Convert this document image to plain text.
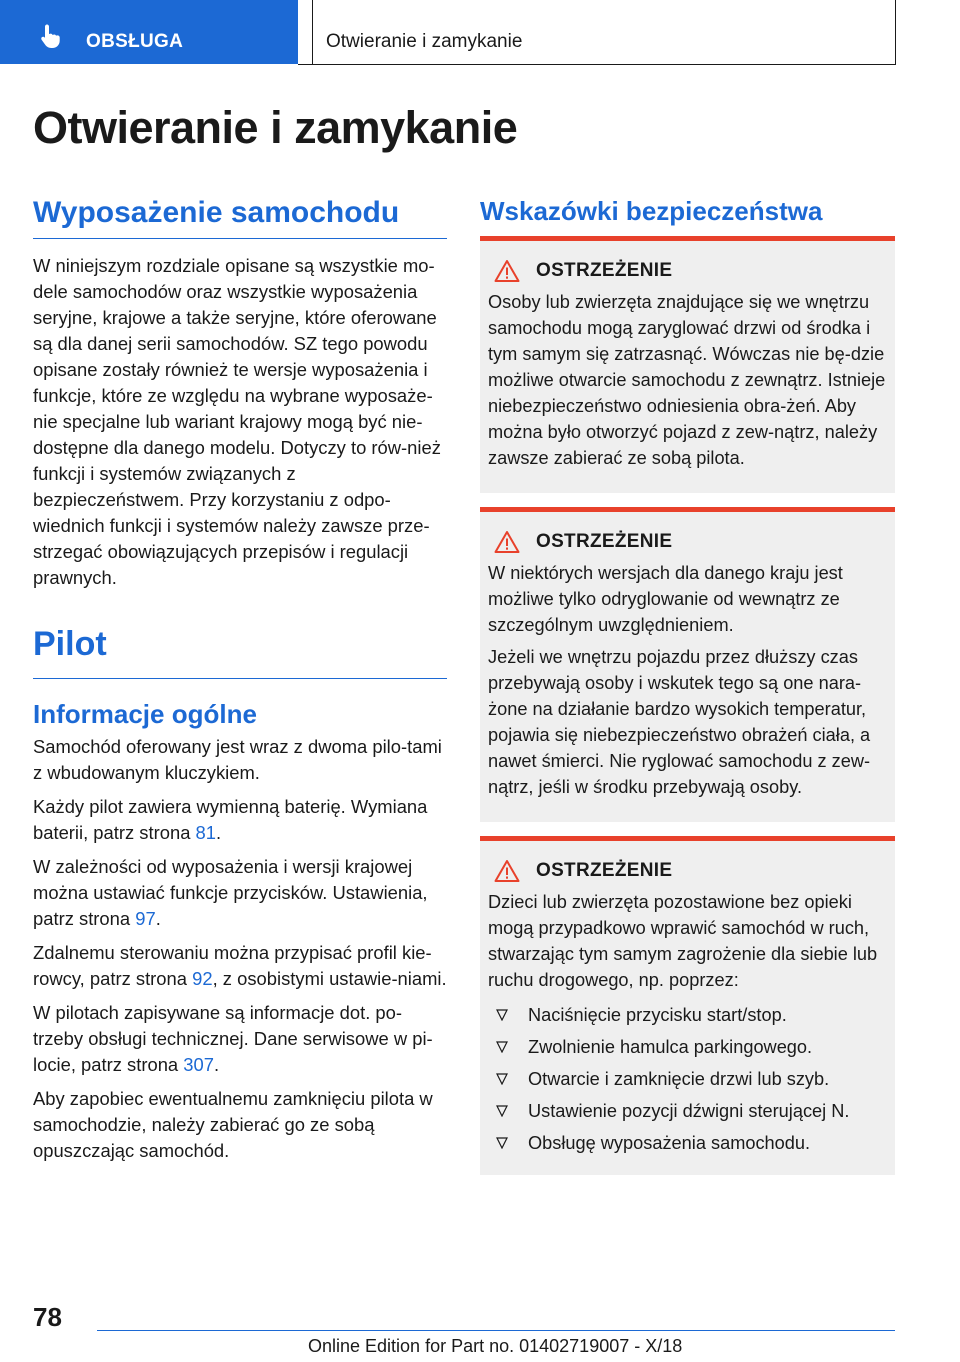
OBSŁUGA	Otwieranie i zamykanie
Otwieranie i zamykanie
Wyposażenie samochodu

W niniejszym rozdziale opisane są wszystkie mo-dele samochodów oraz wszystkie wyposażenia seryjne, krajowe a także seryjne, które oferowane są dla danej serii samochodów. SZ tego powodu opisane zostały również te wersje wyposażenia i funkcje, które ze względu na wybrane wyposaże-nie specjalne lub wariant krajowy mogą być nie-dostępne dla danego modelu. Dotyczy to rów-nież funkcji i systemów związanych z bezpieczeństwem. Przy korzystaniu z odpo-wiednich funkcji i systemów należy zawsze prze-strzegać obowiązujących przepisów i regulacji prawnych.

Pilot
Informacje ogólne

Samochód oferowany jest wraz z dwoma pilo-tami z wbudowanym kluczykiem.

Każdy pilot zawiera wymienną baterię. Wymiana baterii, patrz strona 81.

W zależności od wyposażenia i wersji krajowej można ustawiać funkcje przycisków. Ustawienia, patrz strona 97.

Zdalnemu sterowaniu można przypisać profil kie-rowcy, patrz strona 92, z osobistymi ustawie-niami.

W pilotach zapisywane są informacje dot. po-trzeby obsługi technicznej. Dane serwisowe w pi-locie, patrz strona 307.

Aby zapobiec ewentualnemu zamknięciu pilota w samochodzie, należy zabierać go ze sobą opuszczając samochód.

Wskazówki bezpieczeństwa
OSTRZEŻENIE

Osoby lub zwierzęta znajdujące się we wnętrzu samochodu mogą zaryglować drzwi od środka i tym samym się zatrzasnąć. Wówczas nie bę-dzie możliwe otwarcie samochodu z zewnątrz. Istnieje niebezpieczeństwo odniesienia obra-żeń. Aby można było otworzyć pojazd z zew-nątrz, należy zawsze zabierać ze sobą pilota.

OSTRZEŻENIE

W niektórych wersjach dla danego kraju jest możliwe tylko odryglowanie od wewnątrz ze szczególnym uwzględnieniem.

Jeżeli we wnętrzu pojazdu przez dłuższy czas przebywają osoby i wskutek tego są one nara-żone na działanie bardzo wysokich temperatur, pojawia się niebezpieczeństwo obrażeń ciała, a nawet śmierci. Nie ryglować samochodu z zew-nątrz, jeśli w środku przebywają osoby.

OSTRZEŻENIE

Dzieci lub zwierzęta pozostawione bez opieki mogą przypadkowo wprawić samochód w ruch, stwarzając tym samym zagrożenie dla siebie lub ruchu drogowego, np. poprzez:

Naciśnięcie przycisku start/stop.
Zwolnienie hamulca parkingowego.
Otwarcie i zamknięcie drzwi lub szyb.
Ustawienie pozycji dźwigni sterującej N.
Obsługę wyposażenia samochodu.
78
Online Edition for Part no. 01402719007 - X/18
